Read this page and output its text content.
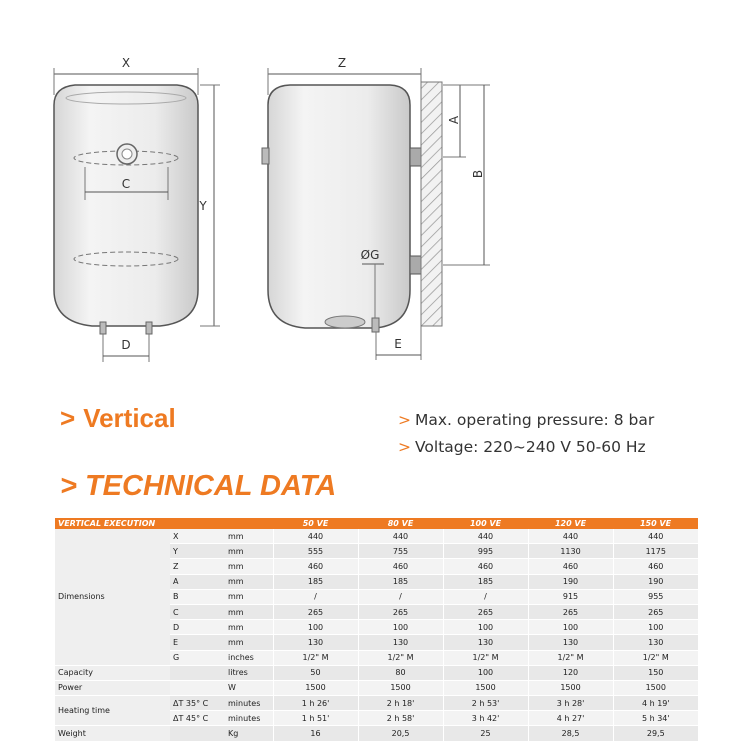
X
Y
C
D
Z
A
B
ØG
E
> Vertical	> Max. operating pressure: 8 bar
> Voltage: 220~240 V 50-60 Hz
> TECHNICAL DATA
VERTICAL EXECUTION			50 VE	80 VE	100 VE	120 VE	150 VE
Dimensions	X	mm	440	440	440	440	440
	Y	mm	555	755	995	1130	1175
	Z	mm	460	460	460	460	460
	A	mm	185	185	185	190	190
	B	mm	/	/	/	915	955
	C	mm	265	265	265	265	265
	D	mm	100	100	100	100	100
	E	mm	130	130	130	130	130
	G	inches	1/2" M	1/2" M	1/2" M	1/2" M	1/2" M
Capacity		litres	50	80	100	120	150
Power		W	1500	1500	1500	1500	1500
Heating time	ΔT 35° C	minutes	1 h 26'	2 h 18'	2 h 53'	3 h 28'	4 h 19'
	ΔT 45° C	minutes	1 h 51'	2 h 58'	3 h 42'	4 h 27'	5 h 34'
Weight		Kg	16	20,5	25	28,5	29,5
